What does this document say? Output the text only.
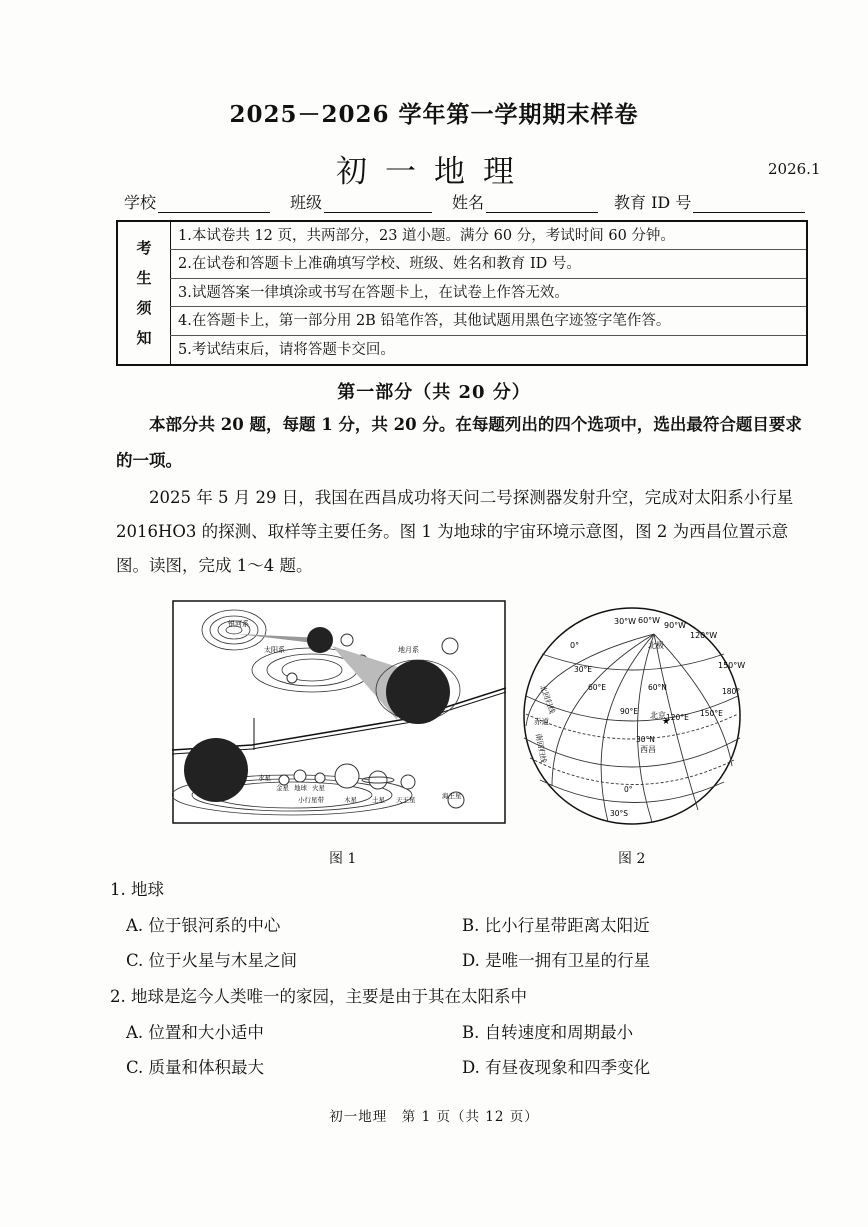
2025－2026 学年第一学期期末样卷
初一地理	2026.1
学校	班级	姓名	教育 ID 号
考
生
须
知
1.本试卷共 12 页，共两部分，23 道小题。满分 60 分，考试时间 60 分钟。
2.在试卷和答题卡上准确填写学校、班级、姓名和教育 ID 号。
3.试题答案一律填涂或书写在答题卡上，在试卷上作答无效。
4.在答题卡上，第一部分用 2B 铅笔作答，其他试题用黑色字迹签字笔作答。
5.考试结束后，请将答题卡交回。
第一部分（共 20 分）
本部分共 20 题，每题 1 分，共 20 分。在每题列出的四个选项中，选出最符合题目要求的一项。
2025 年 5 月 29 日，我国在西昌成功将天问二号探测器发射升空，完成对太阳系小行星 2016HO3 的探测、取样等主要任务。图 1 为地球的宇宙环境示意图，图 2 为西昌位置示意图。读图，完成 1～4 题。
银河系
太阳系	地月系
水星
金星 地球 火星
木星 土星 天王星	海王星
小行星带
图 1
30°W 60°W
90°W
120°W
150°W
0°
30°E
60°E
90°E
120°E 150°E
180°
60°N
30°N
0°
30°S
北极
北京
西昌
★
北回归线
赤道
南回归线
图 2
1. 地球
A. 位于银河系的中心	B. 比小行星带距离太阳近
C. 位于火星与木星之间	D. 是唯一拥有卫星的行星
2. 地球是迄今人类唯一的家园，主要是由于其在太阳系中
A. 位置和大小适中	B. 自转速度和周期最小
C. 质量和体积最大	D. 有昼夜现象和四季变化
初一地理　第 1 页（共 12 页）
